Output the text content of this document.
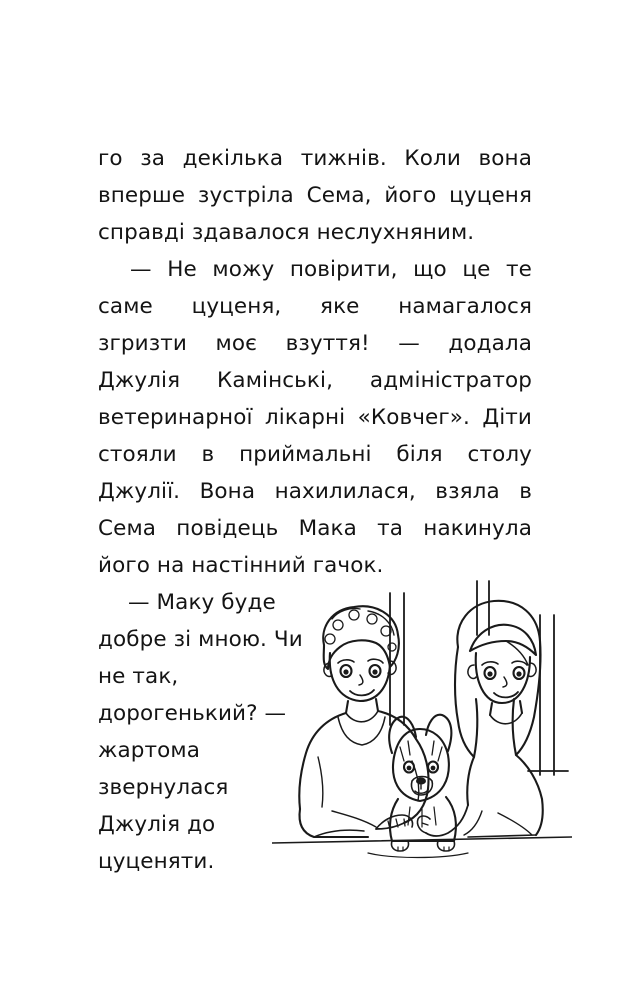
го за декілька тижнів. Коли вона вперше зустріла Сема, його цуценя справді здавалося неслухняним.

— Не можу повірити, що це те саме цуценя, яке намагалося згризти моє взуття! — додала Джулія Камінські, адміністратор ветеринарної лікарні «Ковчег». Діти стояли в приймальні біля столу Джулії. Вона нахилилася, взяла в Сема повідець Мака та накинула його на настінний гачок.

— Маку буде добре зі мною. Чи не так, дорогенький? — жартома звернулася Джулія до цуценяти.
